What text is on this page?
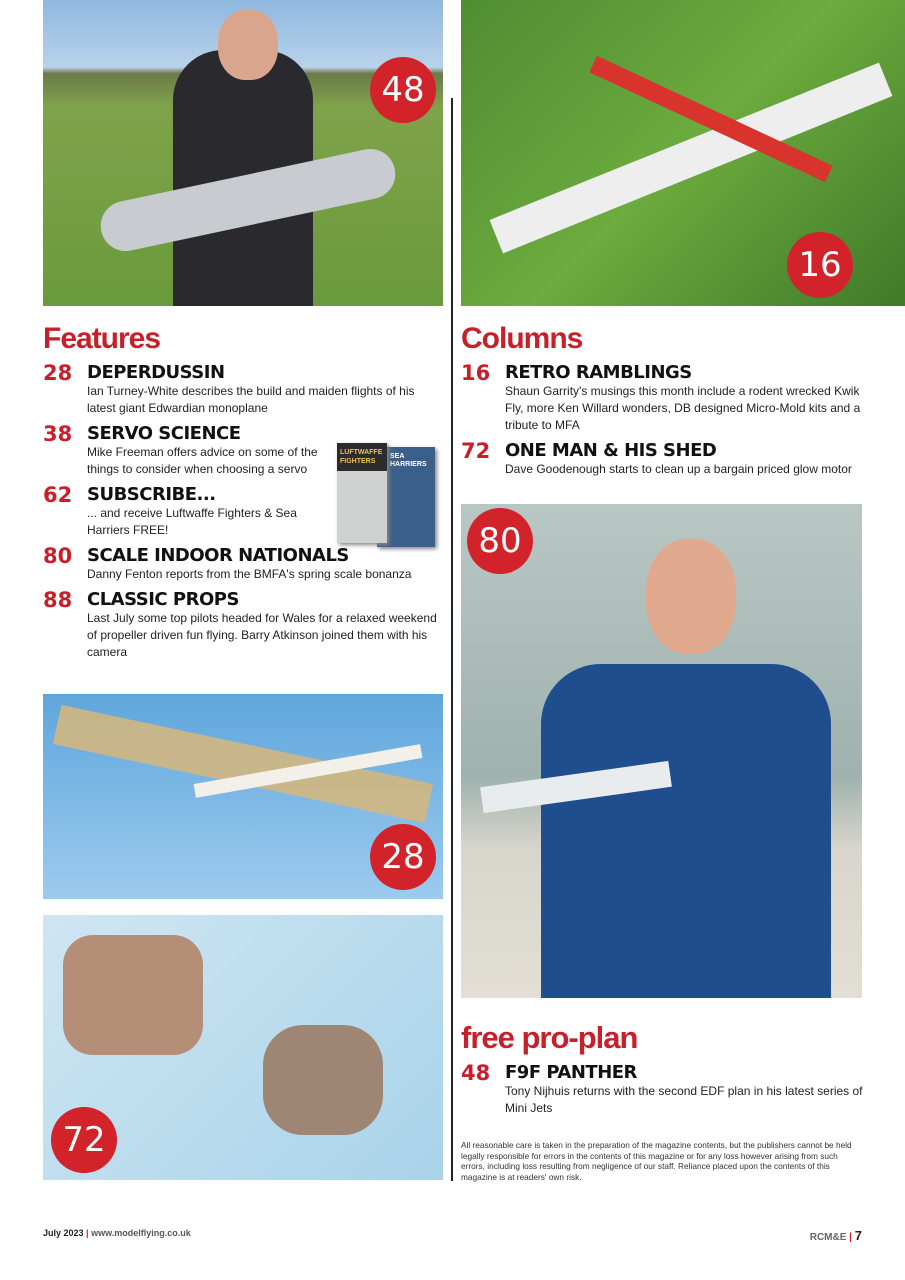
48
16
Features
28 DEPERDUSSIN
Ian Turney-White describes the build and maiden flights of his latest giant Edwardian monoplane
38 SERVO SCIENCE
Mike Freeman offers advice on some of the things to consider when choosing a servo
62 SUBSCRIBE...
... and receive Luftwaffe Fighters & Sea Harriers FREE!
80 SCALE INDOOR NATIONALS
Danny Fenton reports from the BMFA's spring scale bonanza
88 CLASSIC PROPS
Last July some top pilots headed for Wales for a relaxed weekend of propeller driven fun flying. Barry Atkinson joined them with his camera
SEA HARRIERS
LUFTWAFFE FIGHTERS
28
72
Columns
16 RETRO RAMBLINGS
Shaun Garrity's musings this month include a rodent wrecked Kwik Fly, more Ken Willard wonders, DB designed Micro-Mold kits and a tribute to MFA
72 ONE MAN & HIS SHED
Dave Goodenough starts to clean up a bargain priced glow motor
80
free pro-plan
48 F9F PANTHER
Tony Nijhuis returns with the second EDF plan in his latest series of Mini Jets
All reasonable care is taken in the preparation of the magazine contents, but the publishers cannot be held legally responsible for errors in the contents of this magazine or for any loss however arising from such errors, including loss resulting from negligence of our staff. Reliance placed upon the contents of this magazine is at readers' own risk.
July 2023 | www.modelflying.co.uk	RCM&E | 7
